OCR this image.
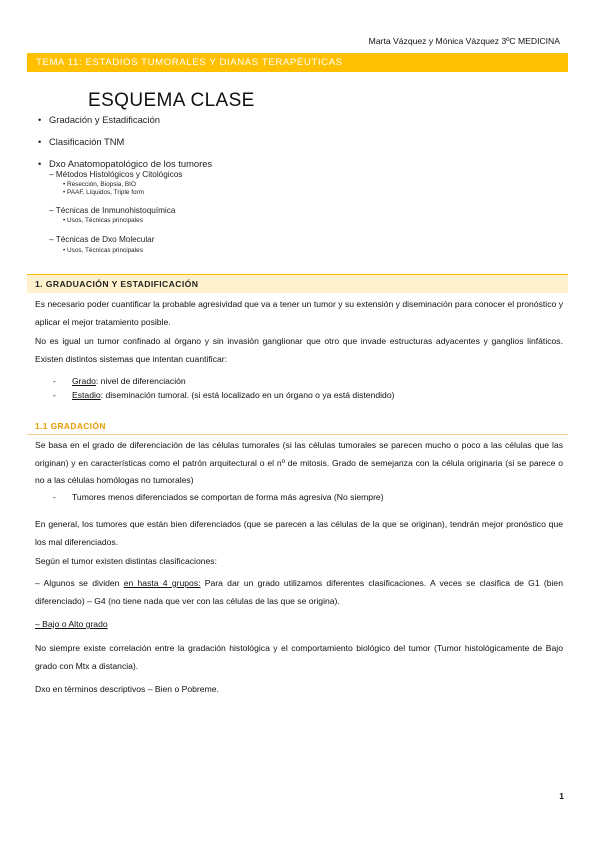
Marta Vázquez y Mónica Vázquez 3ºC MEDICINA
TEMA 11: ESTADIOS TUMORALES Y DIANAS TERAPÉUTICAS
ESQUEMA CLASE
• Gradación y Estadificación
• Clasificación TNM
• Dxo Anatomopatológico de los tumores
– Métodos Histológicos y Citológicos
• Resección, Biopsia, BIO
• PAAF, Líquidos, Triple form
– Técnicas de Inmunohistoquímica
• Usos, Técnicas principales
– Técnicas de Dxo Molecular
• Usos, Técnicas principales
1. GRADUACIÓN Y ESTADIFICACIÓN
Es necesario poder cuantificar la probable agresividad que va a tener un tumor y su extensión y diseminación para conocer el pronóstico y aplicar el mejor tratamiento posible.
No es igual un tumor confinado al órgano y sin invasión ganglionar que otro que invade estructuras adyacentes y ganglios linfáticos. Existen distintos sistemas que intentan cuantificar:
- Grado: nivel de diferenciación
- Estadio: diseminación tumoral. (si está localizado en un órgano o ya está distendido)
1.1 GRADACIÓN
Se basa en el grado de diferenciación de las células tumorales (si las células tumorales se parecen mucho o poco a las células que las originan) y en características como el patrón arquitectural o el nº de mitosis. Grado de semejanza con la célula originaria (si se parece o no a las células homólogas no tumorales)
- Tumores menos diferenciados se comportan de forma más agresiva (No siempre)
En general, los tumores que están bien diferenciados (que se parecen a las células de la que se originan), tendrán mejor pronóstico que los mal diferenciados.
Según el tumor existen distintas clasificaciones:
– Algunos se dividen en hasta 4 grupos: Para dar un grado utilizamos diferentes clasificaciones. A veces se clasifica de G1 (bien diferenciado) – G4 (no tiene nada que ver con las células de las que se origina).
– Bajo o Alto grado
No siempre existe correlación entre la gradación histológica y el comportamiento biológico del tumor (Tumor histológicamente de Bajo grado con Mtx a distancia).
Dxo en términos descriptivos – Bien o Pobreme.
1
